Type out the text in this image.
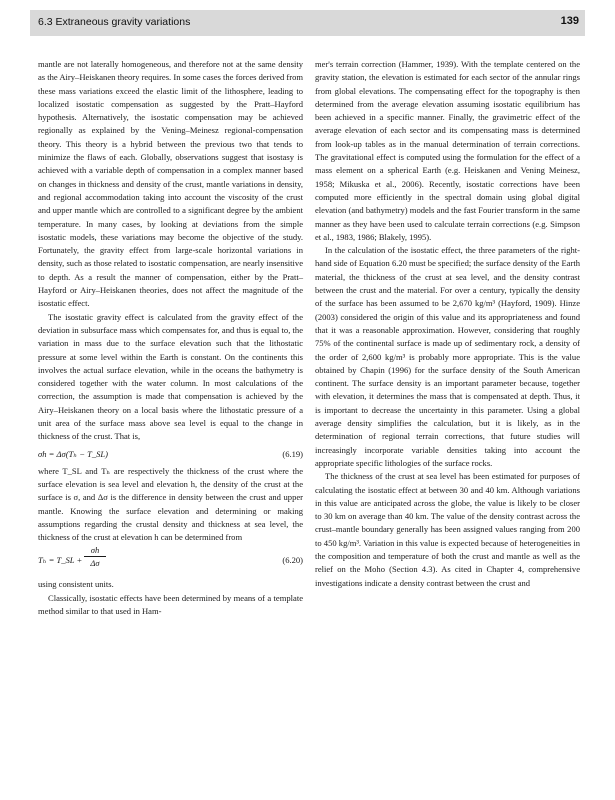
6.3 Extraneous gravity variations	139

mantle are not laterally homogeneous, and therefore not at the same density as the Airy–Heiskanen theory requires. In some cases the forces derived from these mass variations exceed the elastic limit of the lithosphere, leading to localized isostatic compensation as suggested by the Pratt–Hayford hypothesis. Alternatively, the isostatic compensation may be achieved regionally as explained by the Vening–Meinesz regional-compensation theory. This theory is a hybrid between the previous two that tends to minimize the flaws of each. Globally, observations suggest that isostasy is achieved with a variable depth of compensation in a complex manner based on changes in thickness and density of the crust, mantle variations in density, and regional accommodation taking into account the viscosity of the crust and upper mantle which are controlled to a significant degree by the ambient temperature. In many cases, by looking at deviations from the simple isostatic models, these variations may become the objective of the study. Fortunately, the gravity effect from large-scale horizontal variations in density, such as those related to isostatic compensation, are nearly insensitive to depth. As a result the manner of compensation, either by the Pratt–Hayford or Airy–Heiskanen theories, does not affect the magnitude of the isostatic effect.

The isostatic gravity effect is calculated from the gravity effect of the deviation in subsurface mass which compensates for, and thus is equal to, the variation in mass due to the surface elevation such that the lithostatic pressure at some level within the Earth is constant. On the continents this involves the actual surface elevation, while in the oceans the bathymetry is considered together with the water column. In most calculations of the correction, the assumption is made that compensation is achieved by the Airy–Heiskanen theory on a local basis where the lithostatic pressure of a unit area of the surface mass above sea level is equal to the change in thickness of the crust. That is,

σh = Δσ(Tₕ − T_SL)	(6.19)

where T_SL and Tₕ are respectively the thickness of the crust where the surface elevation is sea level and elevation h, the density of the crust at the surface is σ, and Δσ is the difference in density between the crust and upper mantle. Knowing the surface elevation and determining or making assumptions regarding the crustal density and thickness at sea level, the thickness of the crust at elevation h can be determined from

Tₕ = T_SL + $\frac{\sigma h}{\Delta\sigma}$	(6.20)

using consistent units.

Classically, isostatic effects have been determined by means of a template method similar to that used in Ham-

mer's terrain correction (Hammer, 1939). With the template centered on the gravity station, the elevation is estimated for each sector of the annular rings from global elevations. The compensating effect for the topography is then determined from the average elevation assuming isostatic equilibrium has been achieved in a specific manner. Finally, the gravimetric effect of the average elevation of each sector and its compensating mass is determined from look-up tables as in the manual determination of terrain corrections. The gravitational effect is computed using the formulation for the effect of a mass element on a spherical Earth (e.g. Heiskanen and Vening Meinesz, 1958; Mikuska et al., 2006). Recently, isostatic corrections have been computed more efficiently in the spectral domain using global digital elevation (and bathymetry) models and the fast Fourier transform in the same manner as they have been used to calculate terrain corrections (e.g. Simpson et al., 1983, 1986; Blakely, 1995).

In the calculation of the isostatic effect, the three parameters of the right-hand side of Equation 6.20 must be specified; the surface density of the Earth material, the thickness of the crust at sea level, and the density contrast between the crust and the material. For over a century, typically the density of the surface has been assumed to be 2,670 kg/m³ (Hayford, 1909). Hinze (2003) considered the origin of this value and its appropriateness and found that it was a reasonable approximation. However, considering that roughly 75% of the continental surface is made up of sedimentary rock, a density of the order of 2,600 kg/m³ is probably more appropriate. This is the value obtained by Chapin (1996) for the surface density of the South American continent. The surface density is an important parameter because, together with elevation, it determines the mass that is compensated at depth. Thus, it is important to decrease the uncertainty in this parameter. Using a global average density simplifies the calculation, but it is likely, as in the determination of regional terrain corrections, that future studies will increasingly incorporate variable densities taking into account the appropriate specific lithologies of the surface rocks.

The thickness of the crust at sea level has been estimated for purposes of calculating the isostatic effect at between 30 and 40 km. Although variations in this value are anticipated across the globe, the value is likely to be closer to 30 km on average than 40 km. The value of the density contrast across the crust–mantle boundary generally has been assigned values ranging from 200 to 450 kg/m³. Variation in this value is expected because of heterogeneities in the composition and temperature of both the crust and mantle as well as the relief on the Moho (Section 4.3). As cited in Chapter 4, comprehensive investigations indicate a density contrast between the crust and
